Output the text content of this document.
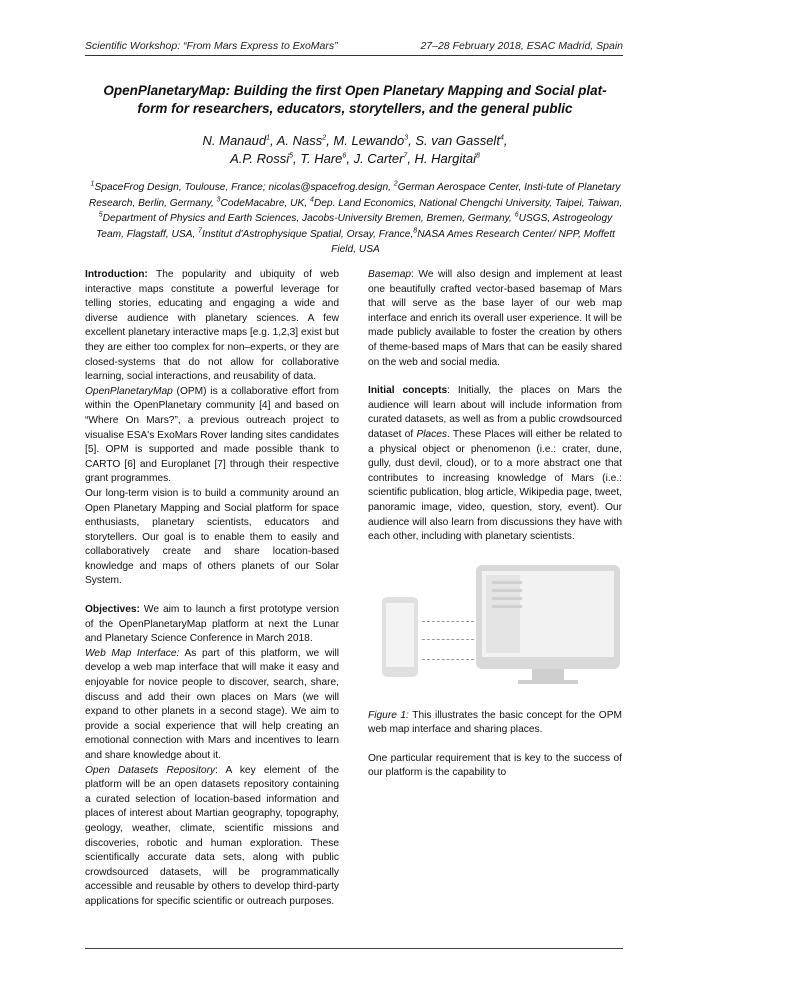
Scientific Workshop: “From Mars Express to ExoMars”	27–28 February 2018, ESAC Madrid, Spain
OpenPlanetaryMap: Building the first Open Planetary Mapping and Social plat-
form for researchers, educators, storytellers, and the general public
N. Manaud$^1$, A. Nass$^2$, M. Lewando$^3$, S. van Gasselt$^4$,
A.P. Rossi$^5$, T. Hare$^6$, J. Carter$^7$, H. Hargitai$^8$
$^1$SpaceFrog Design, Toulouse, France; nicolas@spacefrog.design, $^2$German Aerospace Center, Insti-tute of Planetary Research, Berlin, Germany, $^3$CodeMacabre, UK, $^4$Dep. Land Economics, National Chengchi University, Taipei, Taiwan, $^5$Department of Physics and Earth Sciences, Jacobs-University Bremen, Bremen, Germany, $^6$USGS, Astrogeology Team, Flagstaff, USA, $^7$Institut d'Astrophysique Spatial, Orsay, France,$^8$NASA Ames Research Center/ NPP, Moffett Field, USA

Introduction: The popularity and ubiquity of web interactive maps constitute a powerful leverage for telling stories, educating and engaging a wide and diverse audience with planetary sciences. A few excellent planetary interactive maps [e.g. 1,2,3] exist but they are either too complex for non–experts, or they are closed-systems that do not allow for collaborative learning, social interactions, and reusability of data.

OpenPlanetaryMap (OPM) is a collaborative effort from within the OpenPlanetary community [4] and based on “Where On Mars?”, a previous outreach project to visualise ESA's ExoMars Rover landing sites candidates [5]. OPM is supported and made possible thank to CARTO [6] and Europlanet [7] through their respective grant programmes.

Our long-term vision is to build a community around an Open Planetary Mapping and Social platform for space enthusiasts, planetary scientists, educators and storytellers. Our goal is to enable them to easily and collaboratively create and share location-based knowledge and maps of others planets of our Solar System.

Objectives: We aim to launch a first prototype version of the OpenPlanetaryMap platform at next the Lunar and Planetary Science Conference in March 2018.

Web Map Interface: As part of this platform, we will develop a web map interface that will make it easy and enjoyable for novice people to discover, search, share, discuss and add their own places on Mars (we will expand to other planets in a second stage). We aim to provide a social experience that will help creating an emotional connection with Mars and incentives to learn and share knowledge about it.

Open Datasets Repository: A key element of the platform will be an open datasets repository containing a curated selection of location-based information and places of interest about Martian geography, topography, geology, weather, climate, scientific missions and discoveries, robotic and human exploration. These scientifically accurate data sets, along with public crowdsourced datasets, will be programmatically accessible and reusable by others to develop third-party applications for specific scientific or outreach purposes.

Basemap: We will also design and implement at least one beautifully crafted vector-based basemap of Mars that will serve as the base layer of our web map interface and enrich its overall user experience. It will be made publicly available to foster the creation by others of theme-based maps of Mars that can be easily shared on the web and social media.

Initial concepts: Initially, the places on Mars the audience will learn about will include information from curated datasets, as well as from a public crowdsourced dataset of Places. These Places will either be related to a physical object or phenomenon (i.e.: crater, dune, gully, dust devil, cloud), or to a more abstract one that contributes to increasing knowledge of Mars (i.e.: scientific publication, blog article, Wikipedia page, tweet, panoramic image, video, question, story, event). Our audience will also learn from discussions they have with each other, including with planetary scientists.

Figure 1: This illustrates the basic concept for the OPM web map interface and sharing places.

One particular requirement that is key to the success of our platform is the capability to
